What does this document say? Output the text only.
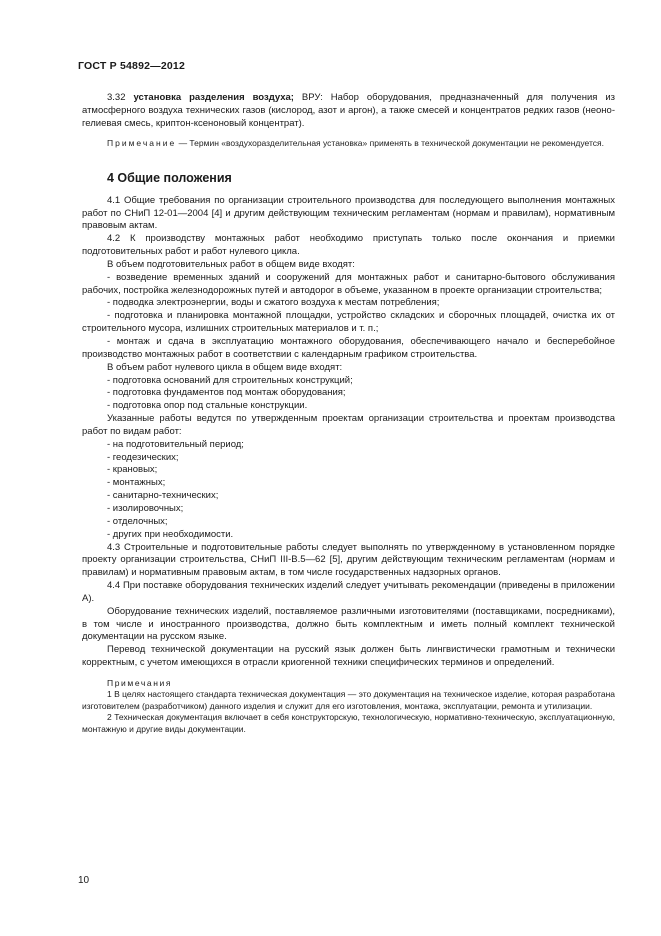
ГОСТ Р 54892—2012

3.32 установка разделения воздуха; ВРУ: Набор оборудования, предназначенный для получения из атмосферного воздуха технических газов (кислород, азот и аргон), а также смесей и концентратов редких газов (неоно-гелиевая смесь, криптон-ксеноновый концентрат).

Примечание — Термин «воздухоразделительная установка» применять в технической документации не рекомендуется.

4 Общие положения

4.1 Общие требования по организации строительного производства для последующего выполнения монтажных работ по СНиП 12-01—2004 [4] и другим действующим техническим регламентам (нормам и правилам), нормативным правовым актам.

4.2 К производству монтажных работ необходимо приступать только после окончания и приемки подготовительных работ и работ нулевого цикла.

В объем подготовительных работ в общем виде входят:

- возведение временных зданий и сооружений для монтажных работ и санитарно-бытового обслуживания рабочих, постройка железнодорожных путей и автодорог в объеме, указанном в проекте организации строительства;

- подводка электроэнергии, воды и сжатого воздуха к местам потребления;

- подготовка и планировка монтажной площадки, устройство складских и сборочных площадей, очистка их от строительного мусора, излишних строительных материалов и т. п.;

- монтаж и сдача в эксплуатацию монтажного оборудования, обеспечивающего начало и бесперебойное производство монтажных работ в соответствии с календарным графиком строительства.

В объем работ нулевого цикла в общем виде входят:

- подготовка оснований для строительных конструкций;

- подготовка фундаментов под монтаж оборудования;

- подготовка опор под стальные конструкции.

Указанные работы ведутся по утвержденным проектам организации строительства и проектам производства работ по видам работ:

- на подготовительный период;

- геодезических;

- крановых;

- монтажных;

- санитарно-технических;

- изолировочных;

- отделочных;

- других при необходимости.

4.3 Строительные и подготовительные работы следует выполнять по утвержденному в установленном порядке проекту организации строительства, СНиП III-В.5—62 [5], другим действующим техническим регламентам (нормам и правилам) и нормативным правовым актам, в том числе государственных надзорных органов.

4.4 При поставке оборудования технических изделий следует учитывать рекомендации (приведены в приложении А).

Оборудование технических изделий, поставляемое различными изготовителями (поставщиками, посредниками), в том числе и иностранного производства, должно быть комплектным и иметь полный комплект технической документации на русском языке.

Перевод технической документации на русский язык должен быть лингвистически грамотным и технически корректным, с учетом имеющихся в отрасли криогенной техники специфических терминов и определений.

Примечания

1 В целях настоящего стандарта техническая документация — это документация на техническое изделие, которая разработана изготовителем (разработчиком) данного изделия и служит для его изготовления, монтажа, эксплуатации, ремонта и утилизации.

2 Техническая документация включает в себя конструкторскую, технологическую, нормативно-техническую, эксплуатационную, монтажную и другие виды документации.

10
